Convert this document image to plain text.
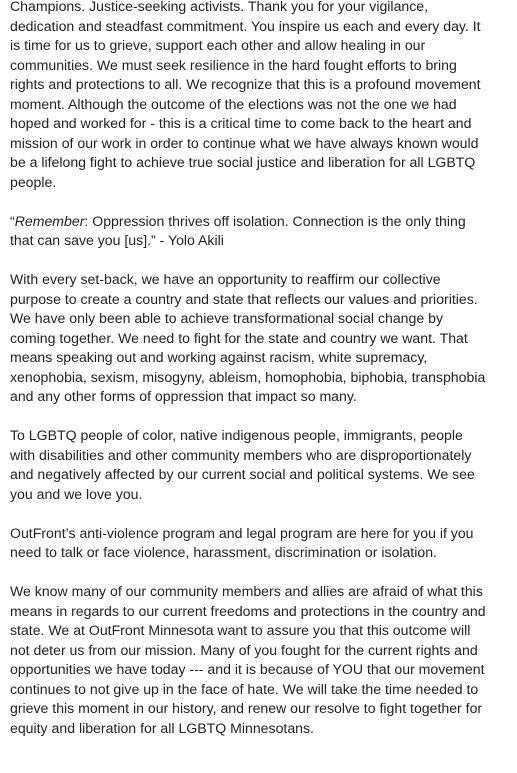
Champions. Justice-seeking activists. Thank you for your vigilance,
dedication and steadfast commitment. You inspire us each and every day. It
is time for us to grieve, support each other and allow healing in our
communities. We must seek resilience in the hard fought efforts to bring
rights and protections to all. We recognize that this is a profound movement
moment. Although the outcome of the elections was not the one we had
hoped and worked for - this is a critical time to come back to the heart and
mission of our work in order to continue what we have always known would
be a lifelong fight to achieve true social justice and liberation for all LGBTQ
people.

“Remember: Oppression thrives off isolation. Connection is the only thing
that can save you [us].” - Yolo Akili

With every set-back, we have an opportunity to reaffirm our collective
purpose to create a country and state that reflects our values and priorities.
We have only been able to achieve transformational social change by
coming together. We need to fight for the state and country we want. That
means speaking out and working against racism, white supremacy,
xenophobia, sexism, misogyny, ableism, homophobia, biphobia, transphobia
and any other forms of oppression that impact so many.

To LGBTQ people of color, native indigenous people, immigrants, people
with disabilities and other community members who are disproportionately
and negatively affected by our current social and political systems. We see
you and we love you.

OutFront’s anti-violence program and legal program are here for you if you
need to talk or face violence, harassment, discrimination or isolation.

We know many of our community members and allies are afraid of what this
means in regards to our current freedoms and protections in the country and
state. We at OutFront Minnesota want to assure you that this outcome will
not deter us from our mission. Many of you fought for the current rights and
opportunities we have today --- and it is because of YOU that our movement
continues to not give up in the face of hate. We will take the time needed to
grieve this moment in our history, and renew our resolve to fight together for
equity and liberation for all LGBTQ Minnesotans.
